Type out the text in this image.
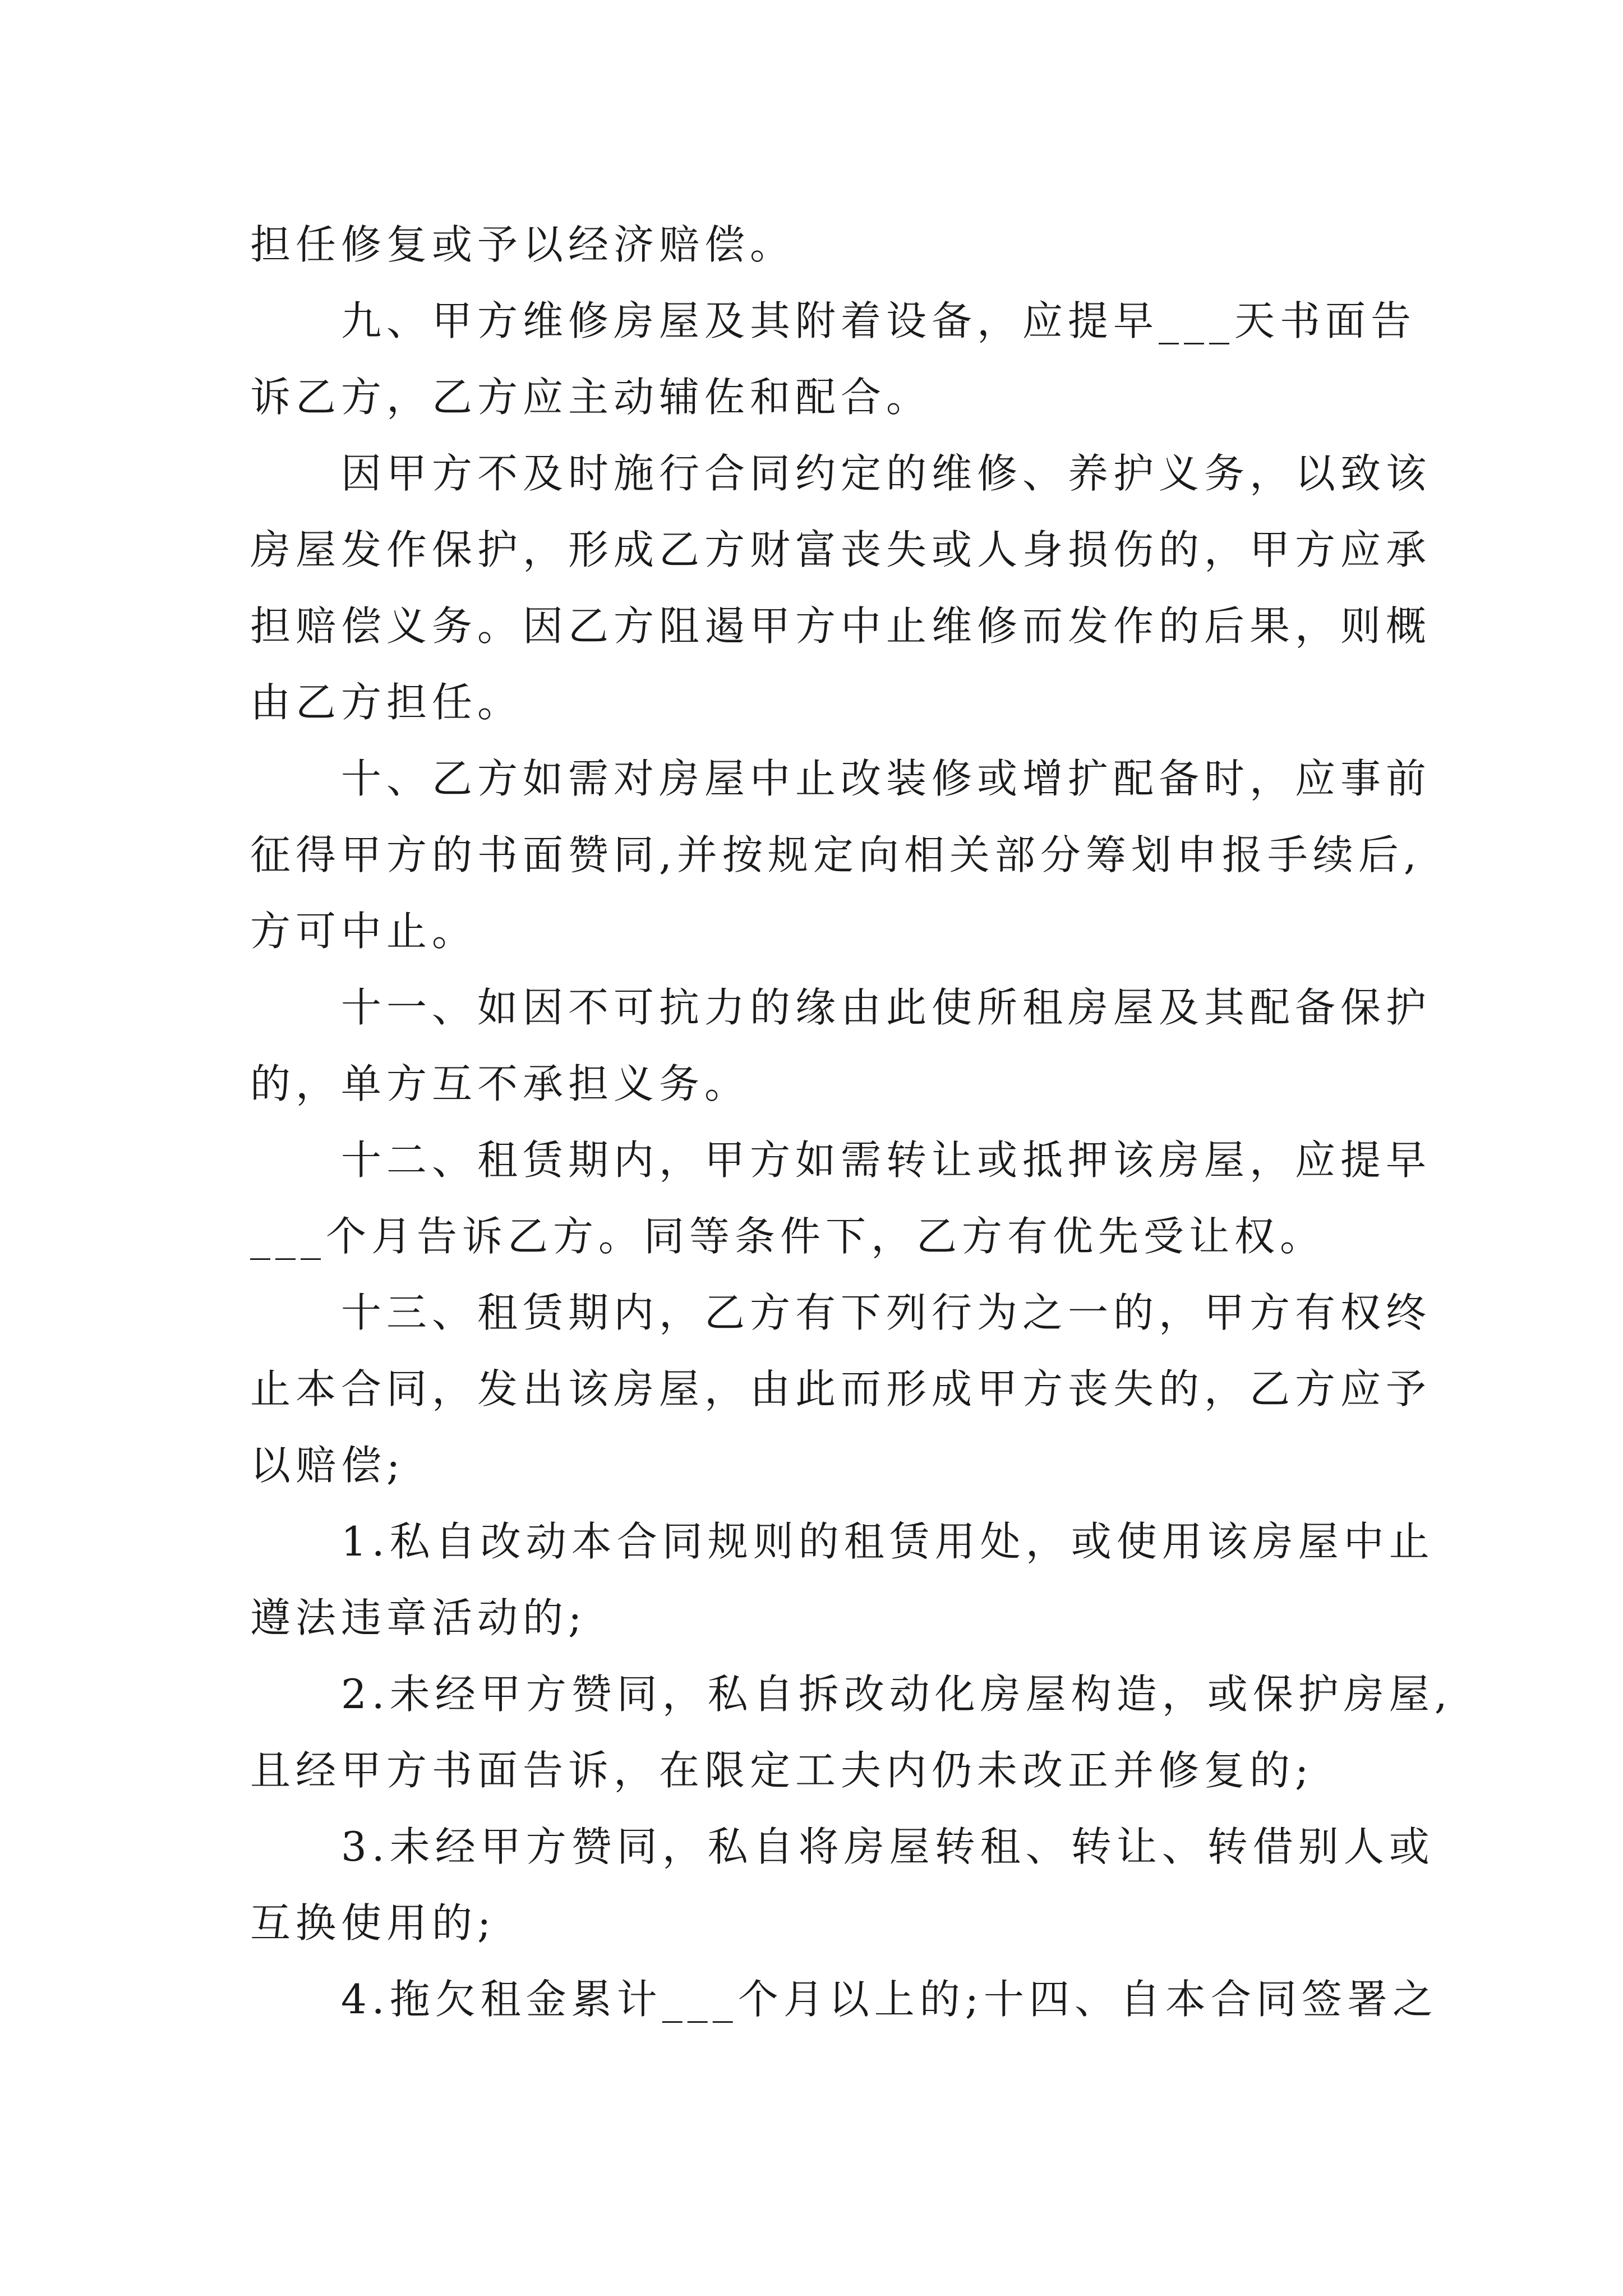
担任修复或予以经济赔偿。

九、甲方维修房屋及其附着设备，应提早___天书面告
诉乙方，乙方应主动辅佐和配合。

因甲方不及时施行合同约定的维修、养护义务，以致该
房屋发作保护，形成乙方财富丧失或人身损伤的，甲方应承
担赔偿义务。因乙方阻遏甲方中止维修而发作的后果，则概
由乙方担任。

十、乙方如需对房屋中止改装修或增扩配备时，应事前
征得甲方的书面赞同,并按规定向相关部分筹划申报手续后,
方可中止。

十一、如因不可抗力的缘由此使所租房屋及其配备保护
的，单方互不承担义务。

十二、租赁期内，甲方如需转让或抵押该房屋，应提早
___个月告诉乙方。同等条件下，乙方有优先受让权。

十三、租赁期内，乙方有下列行为之一的，甲方有权终
止本合同，发出该房屋，由此而形成甲方丧失的，乙方应予
以赔偿;

1.私自改动本合同规则的租赁用处，或使用该房屋中止
遵法违章活动的;

2.未经甲方赞同，私自拆改动化房屋构造，或保护房屋,
且经甲方书面告诉，在限定工夫内仍未改正并修复的;

3.未经甲方赞同，私自将房屋转租、转让、转借别人或
互换使用的;

4.拖欠租金累计___个月以上的;十四、自本合同签署之
